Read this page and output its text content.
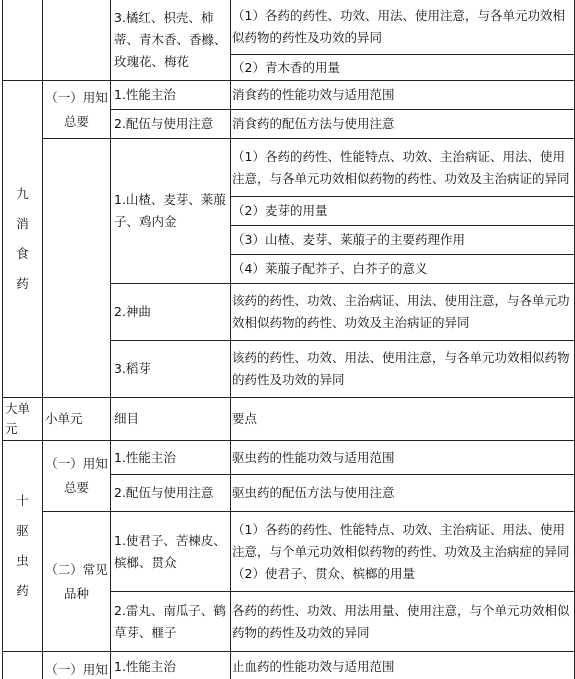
		3.橘红、枳壳、柿蒂、青木香、香橼、玫瑰花、梅花	（1）各药的药性、功效、用法、使用注意，与各单元功效相似药物的药性及功效的异同
			（2）青木香的用量

九
消
食
药	（一）用知总要	1.性能主治	消食药的性能功效与适用范围
		2.配伍与使用注意	消食药的配伍方法与使用注意
		1.山楂、麦芽、莱菔子、鸡内金	（1）各药的药性、性能特点、功效、主治病证、用法、使用注意，与各单元功效相似药物的药性、功效及主治病证的异同
			（2）麦芽的用量
			（3）山楂、麦芽、莱菔子的主要药理作用
			（4）莱菔子配芥子、白芥子的意义
		2.神曲	该药的药性、功效、主治病证、用法、使用注意，与各单元功效相似药物的药性、功效及主治病证的异同

		3.稻芽	该药的药性、功效、用法、使用注意，与各单元功效相似药物的药性及功效的异同

大单元	小单元	细目	要点

十
驱
虫
药	（一）用知总要	1.性能主治	驱虫药的性能功效与适用范围
		2.配伍与使用注意	驱虫药的配伍方法与使用注意
	（二）常见品种	1.使君子、苦楝皮、槟榔、贯众	（1）各药的药性、性能特点、功效、主治病证、用法、使用注意，与个单元功效相似药物的药性、功效及主治病症的异同
（2）使君子、贯众、槟榔的用量

		2.雷丸、南瓜子、鹤草芽、榧子	各药的药性、功效、用法用量、使用注意，与个单元功效相似药物的药性及功效的异同
	（一）用知	1.性能主治	止血药的性能功效与适用范围
